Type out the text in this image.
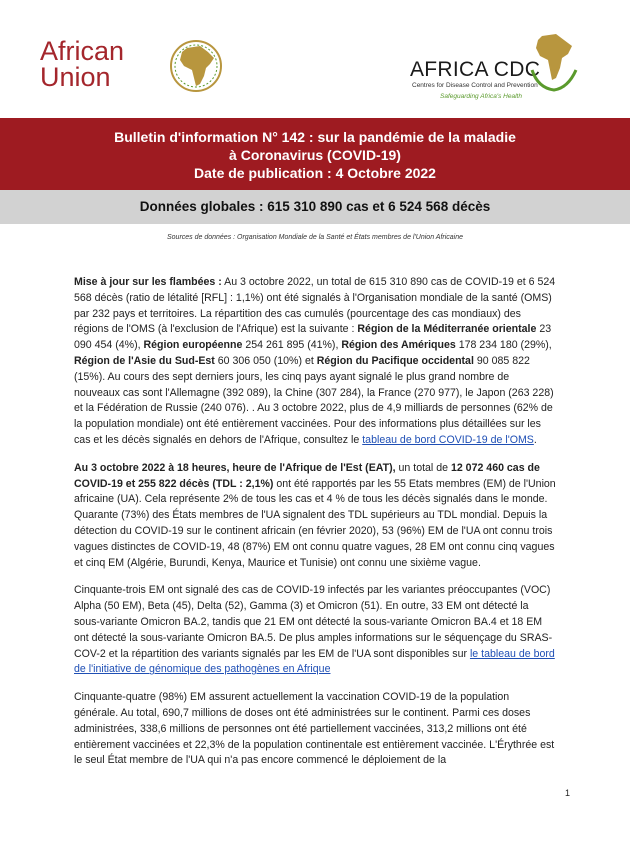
African
Union	AFRICA CDC
Centres for Disease Control and Prevention
Safeguarding Africa's Health
Bulletin d'information N° 142 : sur la pandémie de la maladie
à Coronavirus (COVID-19)
Date de publication : 4 Octobre 2022
Données globales : 615 310 890 cas et 6 524 568 décès
Sources de données : Organisation Mondiale de la Santé et États membres de l'Union Africaine

Mise à jour sur les flambées : Au 3 octobre 2022, un total de 615 310 890 cas de COVID-19 et 6 524 568 décès (ratio de létalité [RFL] : 1,1%) ont été signalés à l'Organisation mondiale de la santé (OMS) par 232 pays et territoires. La répartition des cas cumulés (pourcentage des cas mondiaux) des régions de l'OMS (à l'exclusion de l'Afrique) est la suivante : Région de la Méditerranée orientale 23 090 454 (4%), Région européenne 254 261 895 (41%), Région des Amériques 178 234 180 (29%), Région de l'Asie du Sud-Est 60 306 050 (10%) et Région du Pacifique occidental 90 085 822 (15%). Au cours des sept derniers jours, les cinq pays ayant signalé le plus grand nombre de nouveaux cas sont l'Allemagne (392 089), la Chine (307 284), la France (270 977), le Japon (263 228) et la Fédération de Russie (240 076). . Au 3 octobre 2022, plus de 4,9 milliards de personnes (62% de la population mondiale) ont été entièrement vaccinées. Pour des informations plus détaillées sur les cas et les décès signalés en dehors de l'Afrique, consultez le tableau de bord COVID-19 de l'OMS.

Au 3 octobre 2022 à 18 heures, heure de l'Afrique de l'Est (EAT), un total de 12 072 460 cas de COVID-19 et 255 822 décès (TDL : 2,1%) ont été rapportés par les 55 Etats membres (EM) de l'Union africaine (UA). Cela représente 2% de tous les cas et 4 % de tous les décès signalés dans le monde. Quarante (73%) des États membres de l'UA signalent des TDL supérieurs au TDL mondial. Depuis la détection du COVID-19 sur le continent africain (en février 2020), 53 (96%) EM de l'UA ont connu trois vagues distinctes de COVID-19, 48 (87%) EM ont connu quatre vagues, 28 EM ont connu cinq vagues et cinq EM (Algérie, Burundi, Kenya, Maurice et Tunisie) ont connu une sixième vague.

Cinquante-trois EM ont signalé des cas de COVID-19 infectés par les variantes préoccupantes (VOC) Alpha (50 EM), Beta (45), Delta (52), Gamma (3) et Omicron (51). En outre, 33 EM ont détecté la sous-variante Omicron BA.2, tandis que 21 EM ont détecté la sous-variante Omicron BA.4 et 18 EM ont détecté la sous-variante Omicron BA.5. De plus amples informations sur le séquençage du SRAS-COV-2 et la répartition des variants signalés par les EM de l'UA sont disponibles sur le tableau de bord de l'initiative de génomique des pathogènes en Afrique

Cinquante-quatre (98%) EM assurent actuellement la vaccination COVID-19 de la population générale. Au total, 690,7 millions de doses ont été administrées sur le continent. Parmi ces doses administrées, 338,6 millions de personnes ont été partiellement vaccinées, 313,2 millions ont été entièrement vaccinées et 22,3% de la population continentale est entièrement vaccinée. L'Érythrée est le seul État membre de l'UA qui n'a pas encore commencé le déploiement de la

1
